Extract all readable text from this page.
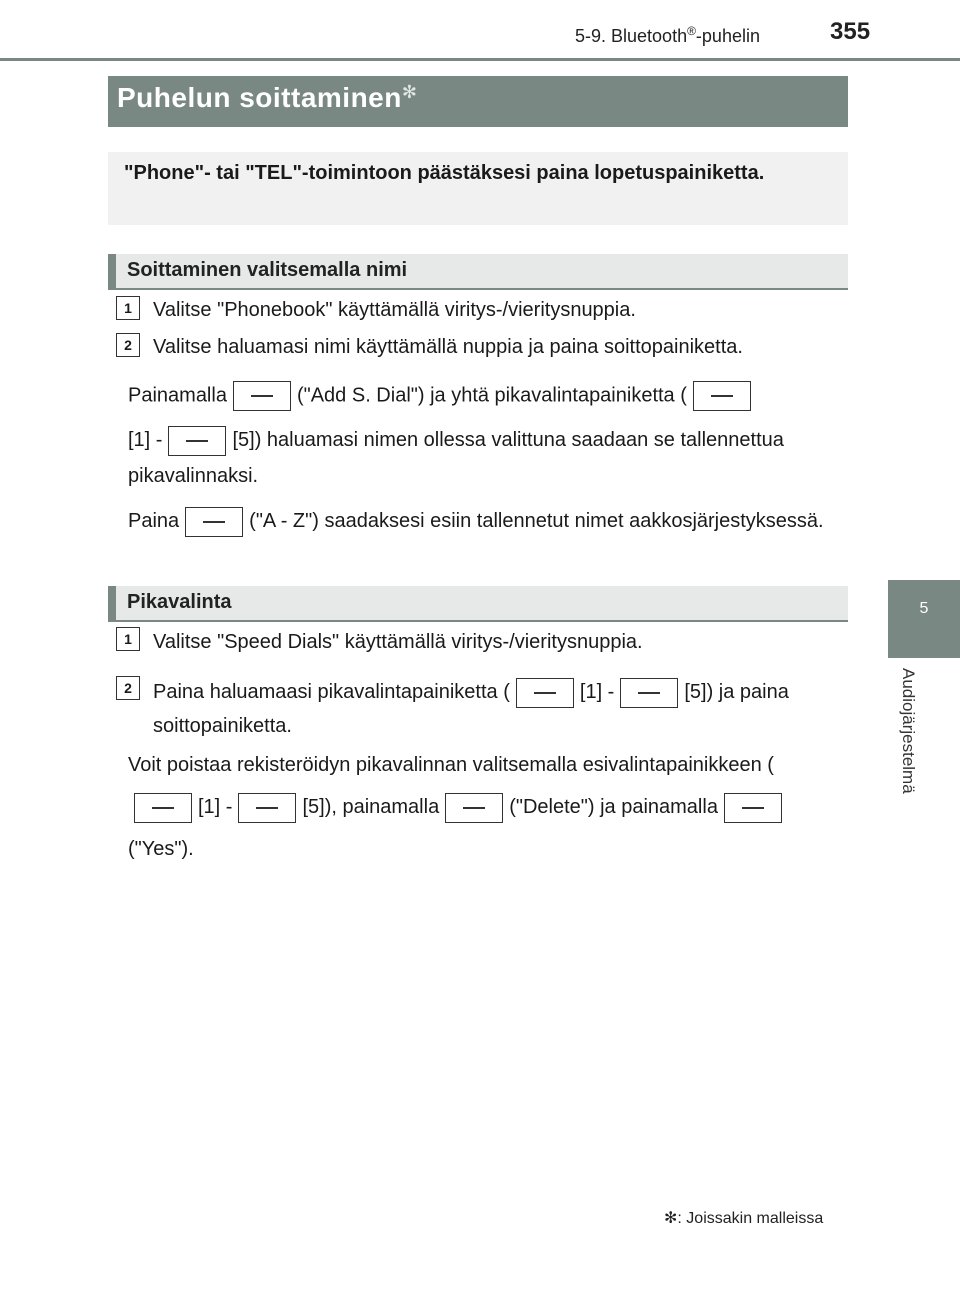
5-9. Bluetooth®-puhelin	355
5
Audiojärjestelmä
Puhelun soittaminen✻
"Phone"- tai "TEL"-toimintoon päästäksesi paina lopetuspainiketta.
Soittaminen valitsemalla nimi
1	Valitse "Phonebook" käyttämällä viritys-/vieritysnuppia.
2	Valitse haluamasi nimi käyttämällä nuppia ja paina soittopainiketta.
Painamalla	("Add S. Dial") ja yhtä pikavalintapainiketta (
[1] -	[5]) haluamasi nimen ollessa valittuna saadaan se tallennettua pikavalinnaksi.
Paina	("A - Z") saadaksesi esiin tallennetut nimet aakkosjärjestyksessä.
Pikavalinta
1	Valitse "Speed Dials" käyttämällä viritys-/vieritysnuppia.
2	Paina haluamaasi pikavalintapainiketta (	[1] -	[5]) ja paina soittopainiketta.
Voit poistaa rekisteröidyn pikavalinnan valitsemalla esivalintapainikkeen ([1] -	[5]), painamalla	("Delete") ja painamalla("Yes").
✻: Joissakin malleissa
